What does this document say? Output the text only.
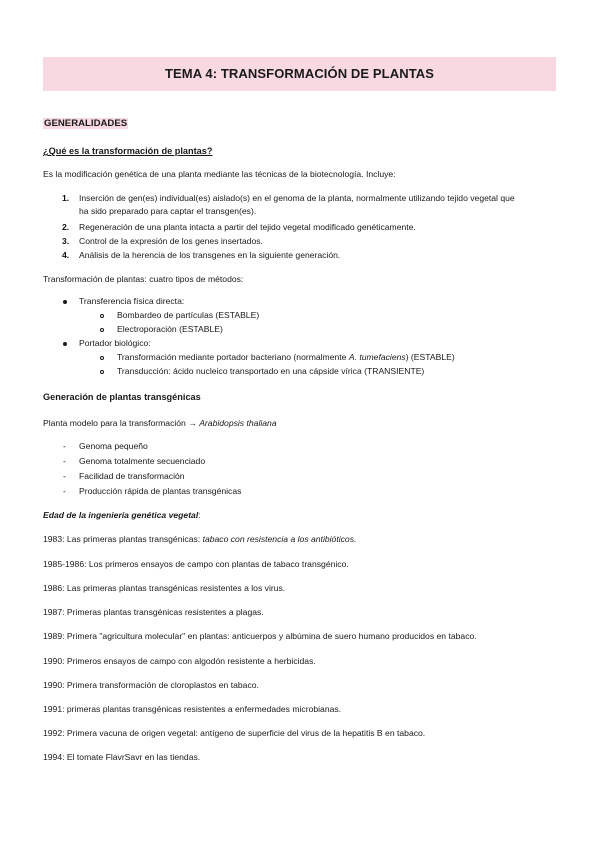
TEMA 4: TRANSFORMACIÓN DE PLANTAS
GENERALIDADES
¿Qué es la transformación de plantas?
Es la modificación genética de una planta mediante las técnicas de la biotecnología. Incluye:
1. Inserción de gen(es) individual(es) aislado(s) en el genoma de la planta, normalmente utilizando tejido vegetal que
ha sido preparado para captar el transgen(es).
2. Regeneración de una planta intacta a partir del tejido vegetal modificado genéticamente.
3. Control de la expresión de los genes insertados.
4. Análisis de la herencia de los transgenes en la siguiente generación.
Transformación de plantas: cuatro tipos de métodos:
Transferencia física directa:
Bombardeo de partículas (ESTABLE)
Electroporación (ESTABLE)
Portador biológico:
Transformación mediante portador bacteriano (normalmente A. tumefaciens) (ESTABLE)
Transducción: ácido nucleico transportado en una cápside vírica (TRANSIENTE)
Generación de plantas transgénicas
Planta modelo para la transformación → Arabidopsis thaliana
- Genoma pequeño
- Genoma totalmente secuenciado
- Facilidad de transformación
- Producción rápida de plantas transgénicas
Edad de la ingeniería genética vegetal:
1983: Las primeras plantas transgénicas: tabaco con resistencia a los antibióticos.
1985-1986: Los primeros ensayos de campo con plantas de tabaco transgénico.
1986: Las primeras plantas transgénicas resistentes a los virus.
1987: Primeras plantas transgénicas resistentes a plagas.
1989: Primera "agricultura molecular" en plantas: anticuerpos y albúmina de suero humano producidos en tabaco.
1990: Primeros ensayos de campo con algodón resistente a herbicidas.
1990: Primera transformación de cloroplastos en tabaco.
1991: primeras plantas transgénicas resistentes a enfermedades microbianas.
1992: Primera vacuna de origen vegetal: antígeno de superficie del virus de la hepatitis B en tabaco.
1994: El tomate FlavrSavr en las tiendas.
